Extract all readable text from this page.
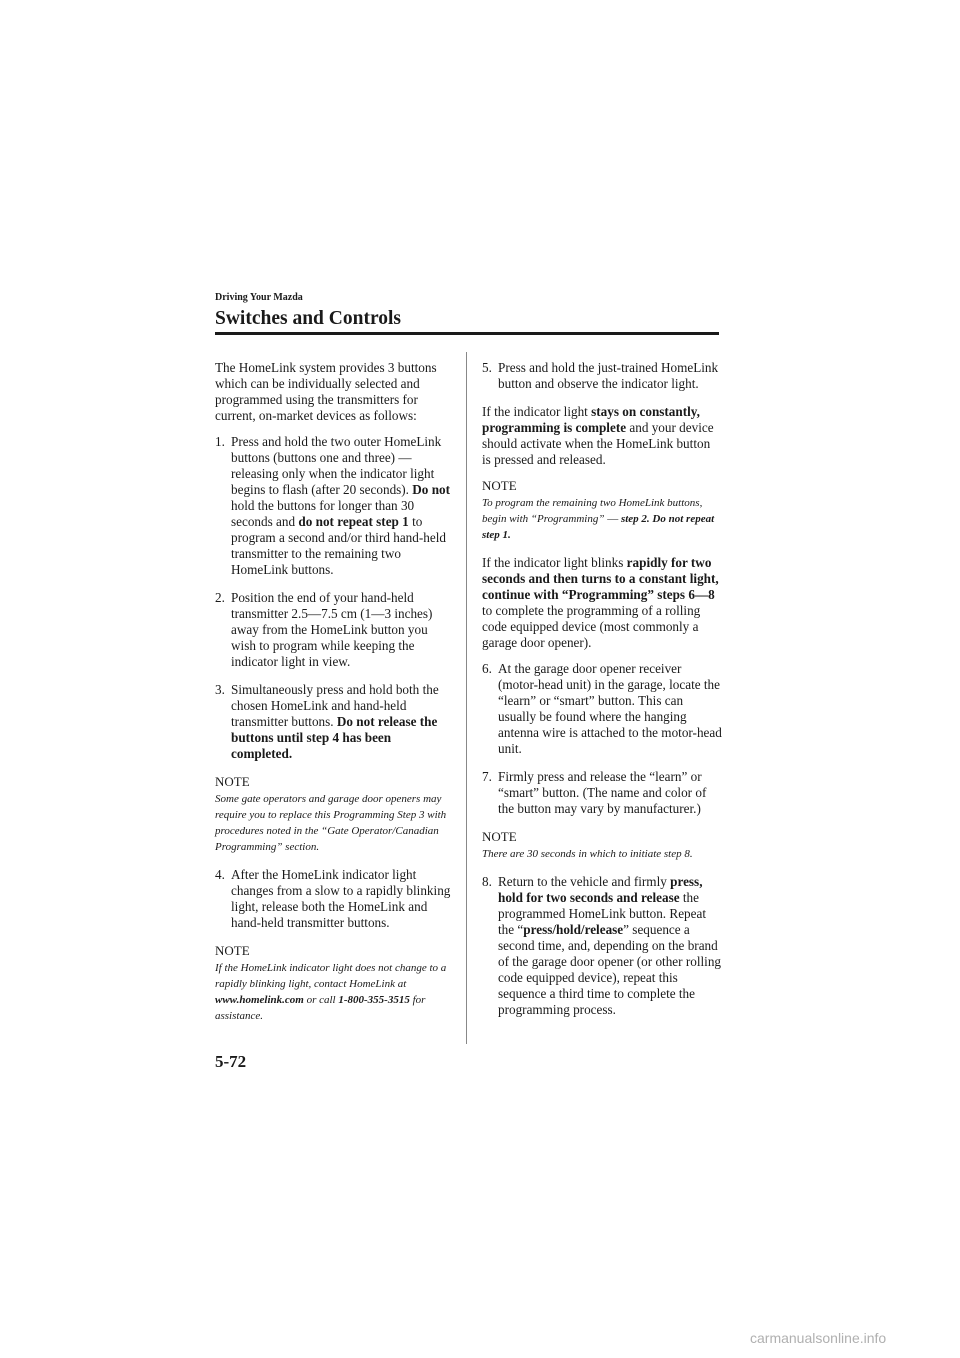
Driving Your Mazda
Switches and Controls

The HomeLink system provides 3 buttons which can be individually selected and programmed using the transmitters for current, on-market devices as follows:

1. Press and hold the two outer HomeLink buttons (buttons one and three) ― releasing only when the indicator light begins to flash (after 20 seconds). Do not hold the buttons for longer than 30 seconds and do not repeat step 1 to program a second and/or third hand-held transmitter to the remaining two HomeLink buttons.
2. Position the end of your hand-held transmitter 2.5―7.5 cm (1―3 inches) away from the HomeLink button you wish to program while keeping the indicator light in view.
3. Simultaneously press and hold both the chosen HomeLink and hand-held transmitter buttons. Do not release the buttons until step 4 has been completed.
NOTE
Some gate operators and garage door openers may require you to replace this Programming Step 3 with procedures noted in the “Gate Operator/Canadian Programming” section.
4. After the HomeLink indicator light changes from a slow to a rapidly blinking light, release both the HomeLink and hand-held transmitter buttons.
NOTE
If the HomeLink indicator light does not change to a rapidly blinking light, contact HomeLink at www.homelink.com or call 1-800-355-3515 for assistance.
5. Press and hold the just-trained HomeLink button and observe the indicator light.

If the indicator light stays on constantly, programming is complete and your device should activate when the HomeLink button is pressed and released.

NOTE
To program the remaining two HomeLink buttons, begin with “Programming” ― step 2. Do not repeat step 1.

If the indicator light blinks rapidly for two seconds and then turns to a constant light, continue with “Programming” steps 6―8 to complete the programming of a rolling code equipped device (most commonly a garage door opener).

6. At the garage door opener receiver (motor-head unit) in the garage, locate the “learn” or “smart” button. This can usually be found where the hanging antenna wire is attached to the motor-head unit.
7. Firmly press and release the “learn” or “smart” button. (The name and color of the button may vary by manufacturer.)
NOTE
There are 30 seconds in which to initiate step 8.
8. Return to the vehicle and firmly press, hold for two seconds and release the programmed HomeLink button. Repeat the “press/hold/release” sequence a second time, and, depending on the brand of the garage door opener (or other rolling code equipped device), repeat this sequence a third time to complete the programming process.
5-72
carmanualsonline.info
